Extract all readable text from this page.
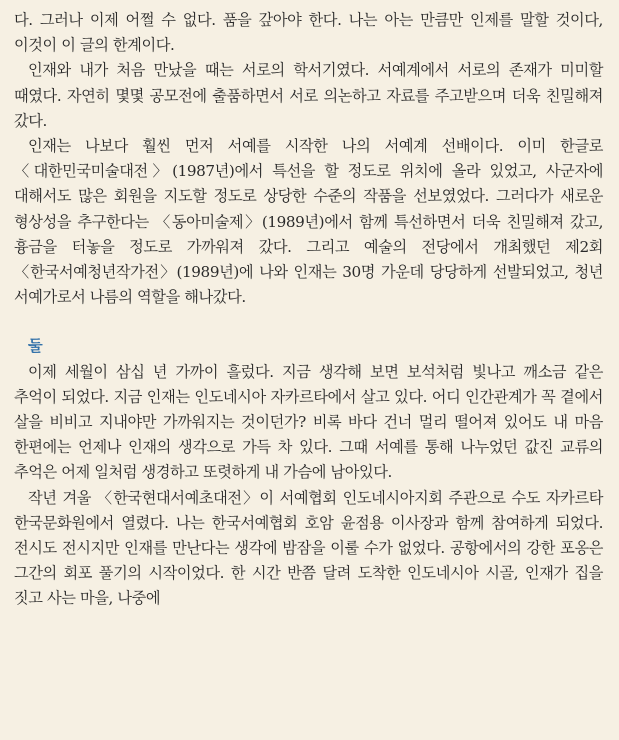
다. 그러나 이제 어쩔 수 없다. 품을 갚아야 한다. 나는 아는 만큼만 인제를 말할 것이다, 이것이 이 글의 한계이다.

인재와 내가 처음 만났을 때는 서로의 학서기였다. 서예계에서 서로의 존재가 미미할 때였다. 자연히 몇몇 공모전에 출품하면서 서로 의논하고 자료를 주고받으며 더욱 친밀해져 갔다.

인재는 나보다 훨씬 먼저 서예를 시작한 나의 서예계 선배이다. 이미 한글로 〈대한민국미술대전〉(1987년)에서 특선을 할 정도로 위치에 올라 있었고, 사군자에 대해서도 많은 회원을 지도할 정도로 상당한 수준의 작품을 선보였었다. 그러다가 새로운 형상성을 추구한다는 〈동아미술제〉(1989년)에서 함께 특선하면서 더욱 친밀해져 갔고, 흉금을 터놓을 정도로 가까워져 갔다. 그리고 예술의 전당에서 개최했던 제2회〈한국서예청년작가전〉(1989년)에 나와 인재는 30명 가운데 당당하게 선발되었고, 청년 서예가로서 나름의 역할을 해나갔다.

둘

이제 세월이 삼십 년 가까이 흘렀다. 지금 생각해 보면 보석처럼 빛나고 깨소금 같은 추억이 되었다. 지금 인재는 인도네시아 자카르타에서 살고 있다. 어디 인간관계가 꼭 곁에서 살을 비비고 지내야만 가까워지는 것이던가? 비록 바다 건너 멀리 떨어져 있어도 내 마음 한편에는 언제나 인재의 생각으로 가득 차 있다. 그때 서예를 통해 나누었던 값진 교류의 추억은 어제 일처럼 생경하고 또렷하게 내 가슴에 남아있다.

작년 겨울 〈한국현대서예초대전〉이 서예협회 인도네시아지회 주관으로 수도 자카르타 한국문화원에서 열렸다. 나는 한국서예협회 호암 윤점용 이사장과 함께 참여하게 되었다. 전시도 전시지만 인재를 만난다는 생각에 밤잠을 이룰 수가 없었다. 공항에서의 강한 포옹은 그간의 회포 풀기의 시작이었다. 한 시간 반쯤 달려 도착한 인도네시아 시골, 인재가 집을 짓고 사는 마을, 나중에
